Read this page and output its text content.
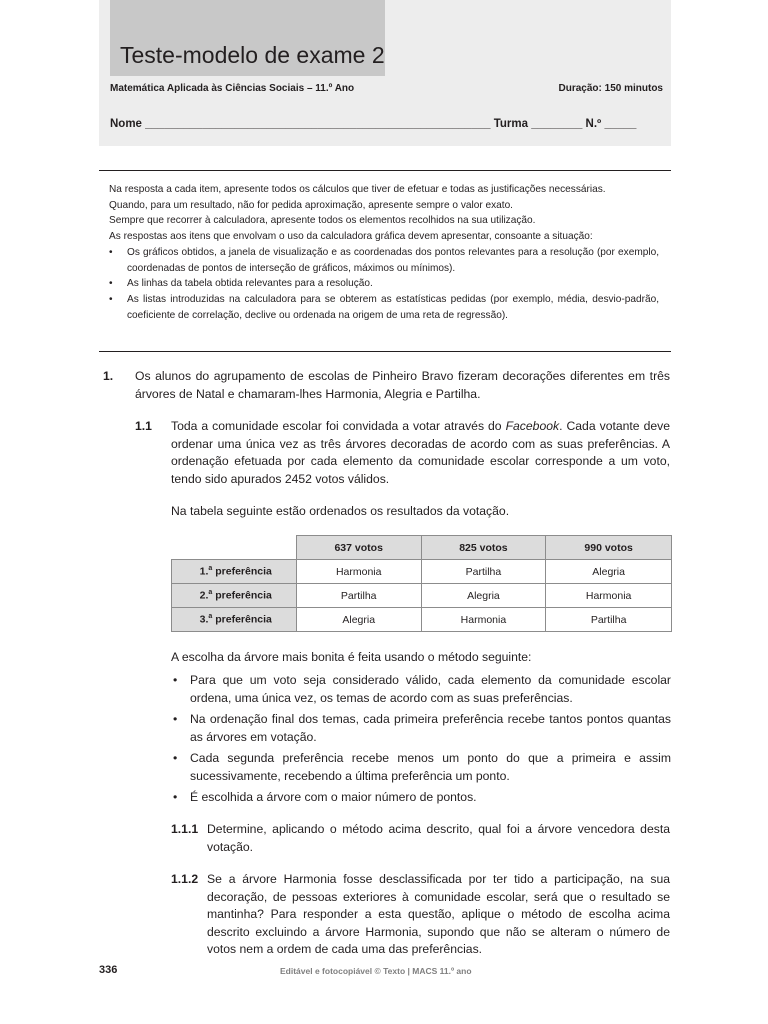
Teste-modelo de exame 2
Matemática Aplicada às Ciências Sociais – 11.º Ano	Duração: 150 minutos
Nome ______________________________________________________ Turma ________ N.º _____

Na resposta a cada item, apresente todos os cálculos que tiver de efetuar e todas as justificações necessárias.

Quando, para um resultado, não for pedida aproximação, apresente sempre o valor exato.

Sempre que recorrer à calculadora, apresente todos os elementos recolhidos na sua utilização.

As respostas aos itens que envolvam o uso da calculadora gráfica devem apresentar, consoante a situação:

• Os gráficos obtidos, a janela de visualização e as coordenadas dos pontos relevantes para a resolução (por exemplo, coordenadas de pontos de interseção de gráficos, máximos ou mínimos).
• As linhas da tabela obtida relevantes para a resolução.
• As listas introduzidas na calculadora para se obterem as estatísticas pedidas (por exemplo, média, desvio-padrão, coeficiente de correlação, declive ou ordenada na origem de uma reta de regressão).
1. Os alunos do agrupamento de escolas de Pinheiro Bravo fizeram decorações diferentes em três árvores de Natal e chamaram-lhes Harmonia, Alegria e Partilha.
1.1 Toda a comunidade escolar foi convidada a votar através do Facebook. Cada votante deve ordenar uma única vez as três árvores decoradas de acordo com as suas preferências. A ordenação efetuada por cada elemento da comunidade escolar corresponde a um voto, tendo sido apurados 2452 votos válidos.
Na tabela seguinte estão ordenados os resultados da votação.
	637 votos	825 votos	990 votos
1.$^a$ preferência	Harmonia	Partilha	Alegria
2.$^a$ preferência	Partilha	Alegria	Harmonia
3.$^a$ preferência	Alegria	Harmonia	Partilha
A escolha da árvore mais bonita é feita usando o método seguinte:
• Para que um voto seja considerado válido, cada elemento da comunidade escolar ordena, uma única vez, os temas de acordo com as suas preferências.
• Na ordenação final dos temas, cada primeira preferência recebe tantos pontos quantas as árvores em votação.
• Cada segunda preferência recebe menos um ponto do que a primeira e assim sucessivamente, recebendo a última preferência um ponto.
• É escolhida a árvore com o maior número de pontos.
1.1.1 Determine, aplicando o método acima descrito, qual foi a árvore vencedora desta votação.
1.1.2 Se a árvore Harmonia fosse desclassificada por ter tido a participação, na sua decoração, de pessoas exteriores à comunidade escolar, será que o resultado se mantinha? Para responder a esta questão, aplique o método de escolha acima descrito excluindo a árvore Harmonia, supondo que não se alteram o número de votos nem a ordem de cada uma das preferências.
336	Editável e fotocopiável © Texto | MACS 11.º ano
